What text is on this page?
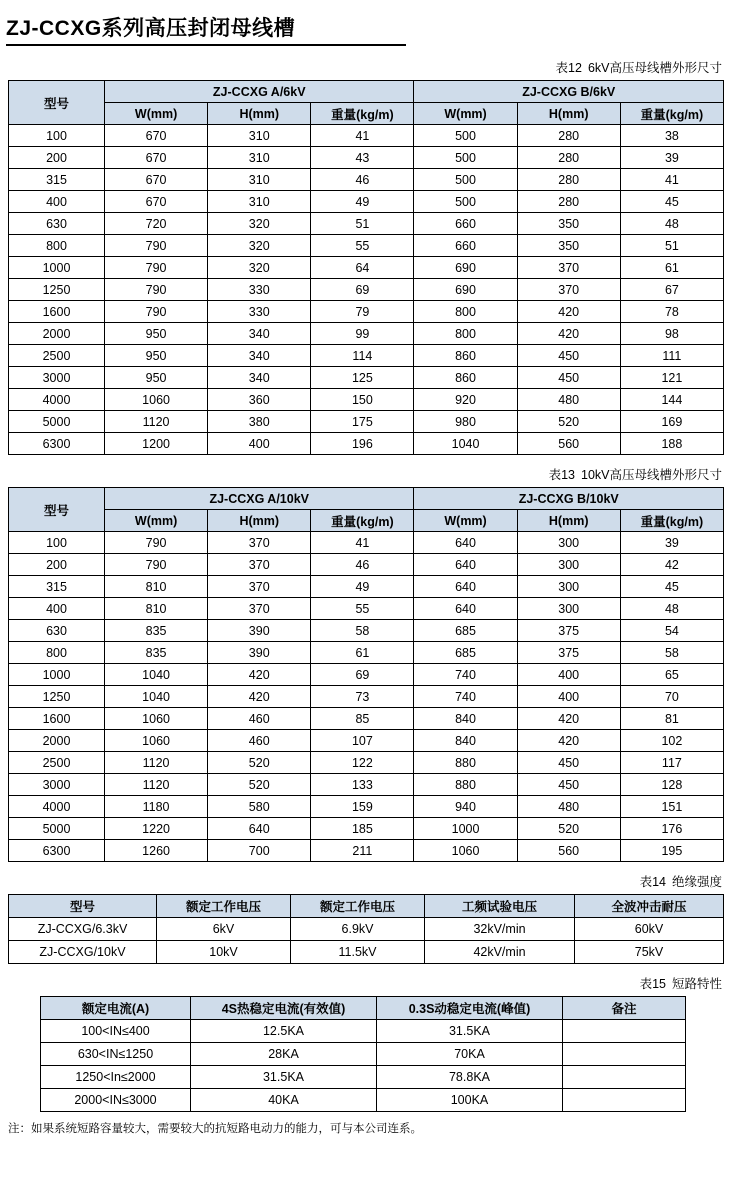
ZJ-CCXG系列高压封闭母线槽
表12 6kV高压母线槽外形尺寸
型号	ZJ-CCXG A/6kV			ZJ-CCXG B/6kV		
	W(mm)	H(mm)	重量(kg/m)	W(mm)	H(mm)	重量(kg/m)
100	670	310	41	500	280	38
200	670	310	43	500	280	39
315	670	310	46	500	280	41
400	670	310	49	500	280	45
630	720	320	51	660	350	48
800	790	320	55	660	350	51
1000	790	320	64	690	370	61
1250	790	330	69	690	370	67
1600	790	330	79	800	420	78
2000	950	340	99	800	420	98
2500	950	340	114	860	450	111
3000	950	340	125	860	450	121
4000	1060	360	150	920	480	144
5000	1120	380	175	980	520	169
6300	1200	400	196	1040	560	188
表13 10kV高压母线槽外形尺寸
型号	ZJ-CCXG A/10kV			ZJ-CCXG B/10kV		
	W(mm)	H(mm)	重量(kg/m)	W(mm)	H(mm)	重量(kg/m)
100	790	370	41	640	300	39
200	790	370	46	640	300	42
315	810	370	49	640	300	45
400	810	370	55	640	300	48
630	835	390	58	685	375	54
800	835	390	61	685	375	58
1000	1040	420	69	740	400	65
1250	1040	420	73	740	400	70
1600	1060	460	85	840	420	81
2000	1060	460	107	840	420	102
2500	1120	520	122	880	450	117
3000	1120	520	133	880	450	128
4000	1180	580	159	940	480	151
5000	1220	640	185	1000	520	176
6300	1260	700	211	1060	560	195
表14 绝缘强度
型号	额定工作电压	额定工作电压	工频试验电压	全波冲击耐压
ZJ-CCXG/6.3kV	6kV	6.9kV	32kV/min	60kV
ZJ-CCXG/10kV	10kV	11.5kV	42kV/min	75kV
表15 短路特性
额定电流(A)	4S热稳定电流(有效值)	0.3S动稳定电流(峰值)	备注
100<IN≤400	12.5KA	31.5KA	
630<IN≤1250	28KA	70KA	
1250<In≤2000	31.5KA	78.8KA	
2000<IN≤3000	40KA	100KA	
注：如果系统短路容量较大，需要较大的抗短路电动力的能力，可与本公司连系。
